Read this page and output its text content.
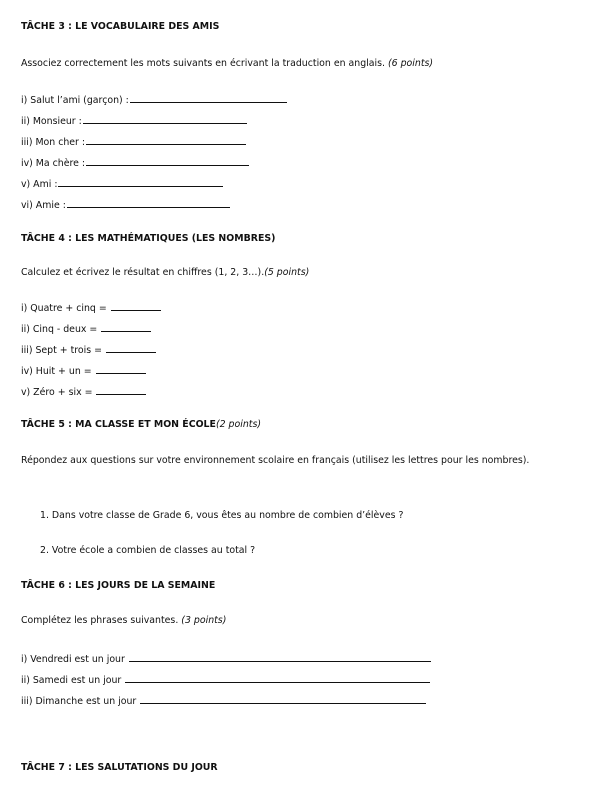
TÂCHE 3 : LE VOCABULAIRE DES AMIS
Associez correctement les mots suivants en écrivant la traduction en anglais. (6 points)
i) Salut l’ami (garçon) :
ii) Monsieur :
iii) Mon cher :
iv) Ma chère :
v) Ami :
vi) Amie :
TÂCHE 4 : LES MATHÉMATIQUES (LES NOMBRES)
Calculez et écrivez le résultat en chiffres (1, 2, 3…).(5 points)
i) Quatre + cinq =
ii) Cinq - deux =
iii) Sept + trois =
iv) Huit + un =
v) Zéro + six =
TÂCHE 5 : MA CLASSE ET MON ÉCOLE(2 points)
Répondez aux questions sur votre environnement scolaire en français (utilisez les lettres pour les nombres).
1. Dans votre classe de Grade 6, vous êtes au nombre de combien d’élèves ?
2. Votre école a combien de classes au total ?
TÂCHE 6 : LES JOURS DE LA SEMAINE
Complétez les phrases suivantes. (3 points)
i) Vendredi est un jour
ii) Samedi est un jour
iii) Dimanche est un jour
TÂCHE 7 : LES SALUTATIONS DU JOUR
